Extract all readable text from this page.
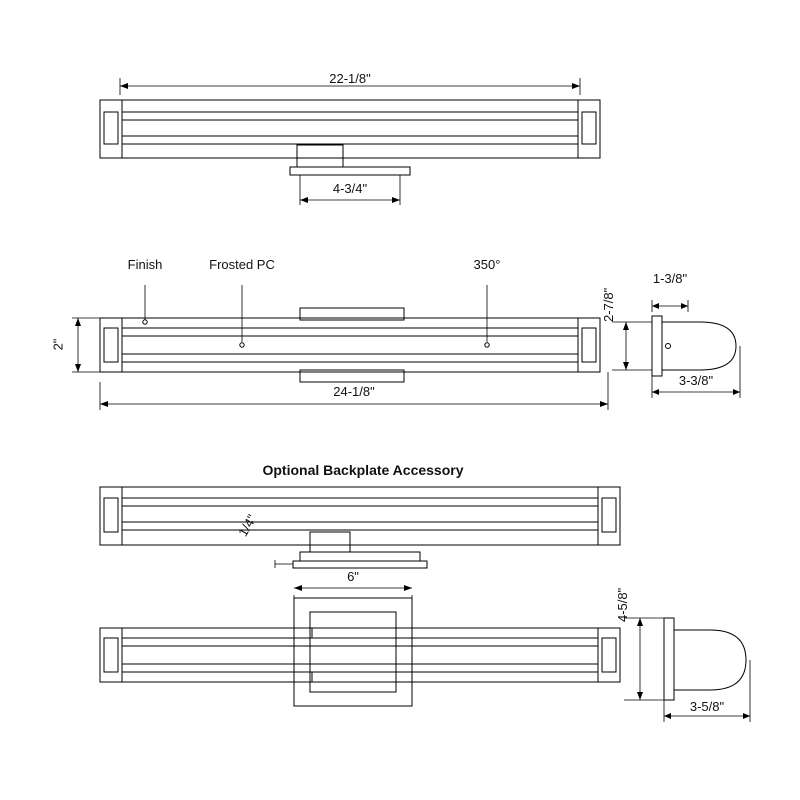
22-1/8"
4-3/4"
Finish	Frosted PC	350°
2"
24-1/8"
1-3/8"
2-7/8"
3-3/8"
Optional Backplate Accessory
1/4"
6"
4-5/8"
3-5/8"
